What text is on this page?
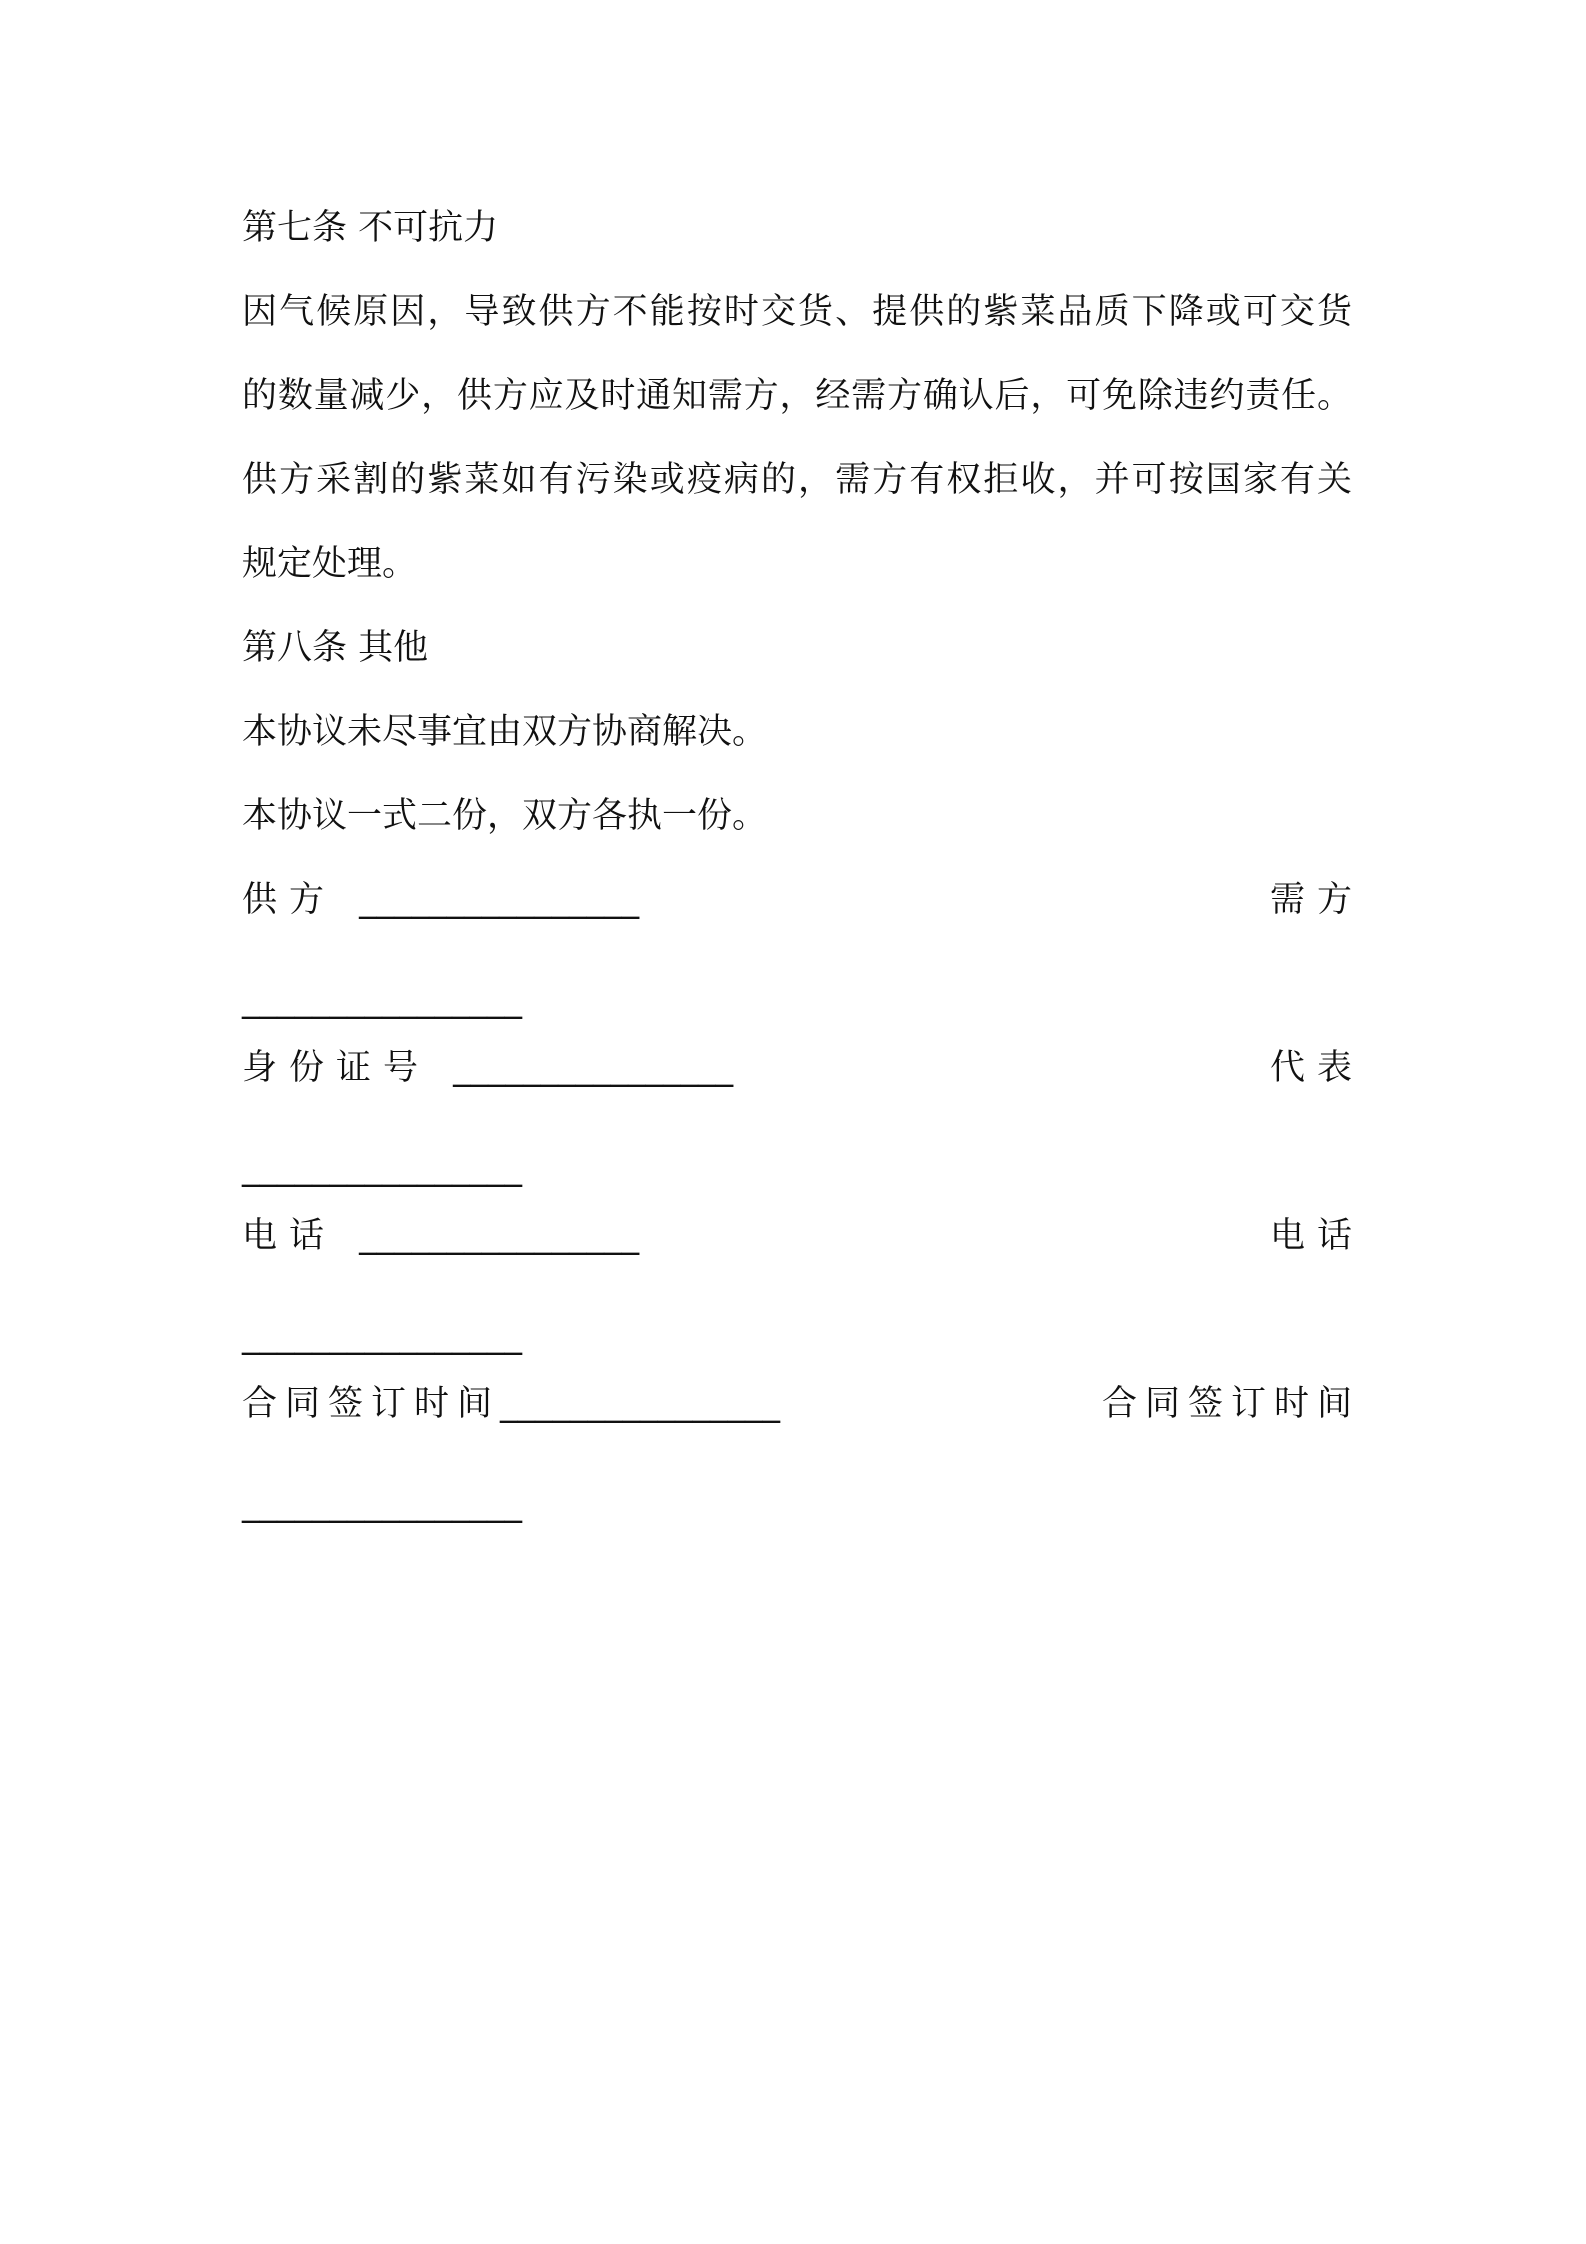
第七条 不可抗力
因气候原因，导致供方不能按时交货、提供的紫菜品质下降或可交货
的数量减少，供方应及时通知需方，经需方确认后，可免除违约责任。
供方采割的紫菜如有污染或疫病的，需方有权拒收，并可按国家有关
规定处理。
第八条 其他
本协议未尽事宜由双方协商解决。
本协议一式二份，双方各执一份。
供方 ________________	需方
________________
身份证号 ________________	代表
________________
电话 ________________	电话
________________
合同签订时间________________	合同签订时间
________________
